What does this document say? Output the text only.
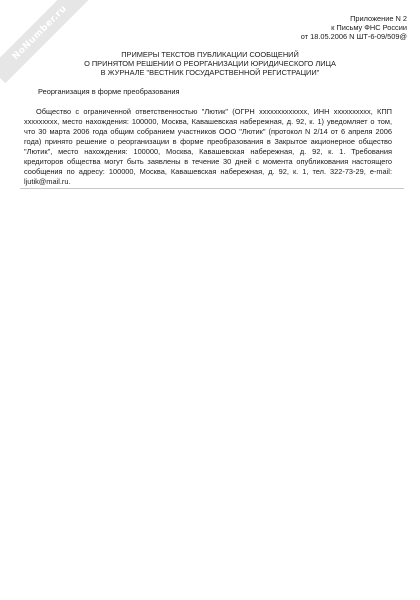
NoNumber.ru	Приложение N 2
к Письму ФНС России
от 18.05.2006 N ШТ-6-09/509@
ПРИМЕРЫ ТЕКСТОВ ПУБЛИКАЦИИ СООБЩЕНИЙ
О ПРИНЯТОМ РЕШЕНИИ О РЕОРГАНИЗАЦИИ ЮРИДИЧЕСКОГО ЛИЦА
В ЖУРНАЛЕ "ВЕСТНИК ГОСУДАРСТВЕННОЙ РЕГИСТРАЦИИ"
Реорганизация в форме преобразования

Общество с ограниченной ответственностью "Лютик" (ОГРН xxxxxxxxxxxxx, ИНН xxxxxxxxxx, КПП xxxxxxxxx, место нахождения: 100000, Москва, Кавашевская набережная, д. 92, к. 1) уведомляет о том, что 30 марта 2006 года общим собранием участников ООО "Лютик" (протокол N 2/14 от 6 апреля 2006 года) принято решение о реорганизации в форме преобразования в Закрытое акционерное общество "Лютик", место нахождения: 100000, Москва, Кавашевская набережная, д. 92, к. 1. Требования кредиторов общества могут быть заявлены в течение 30 дней с момента опубликования настоящего сообщения по адресу: 100000, Москва, Кавашевская набережная, д. 92, к. 1, тел. 322-73-29, e-mail: ljutik@mail.ru.
